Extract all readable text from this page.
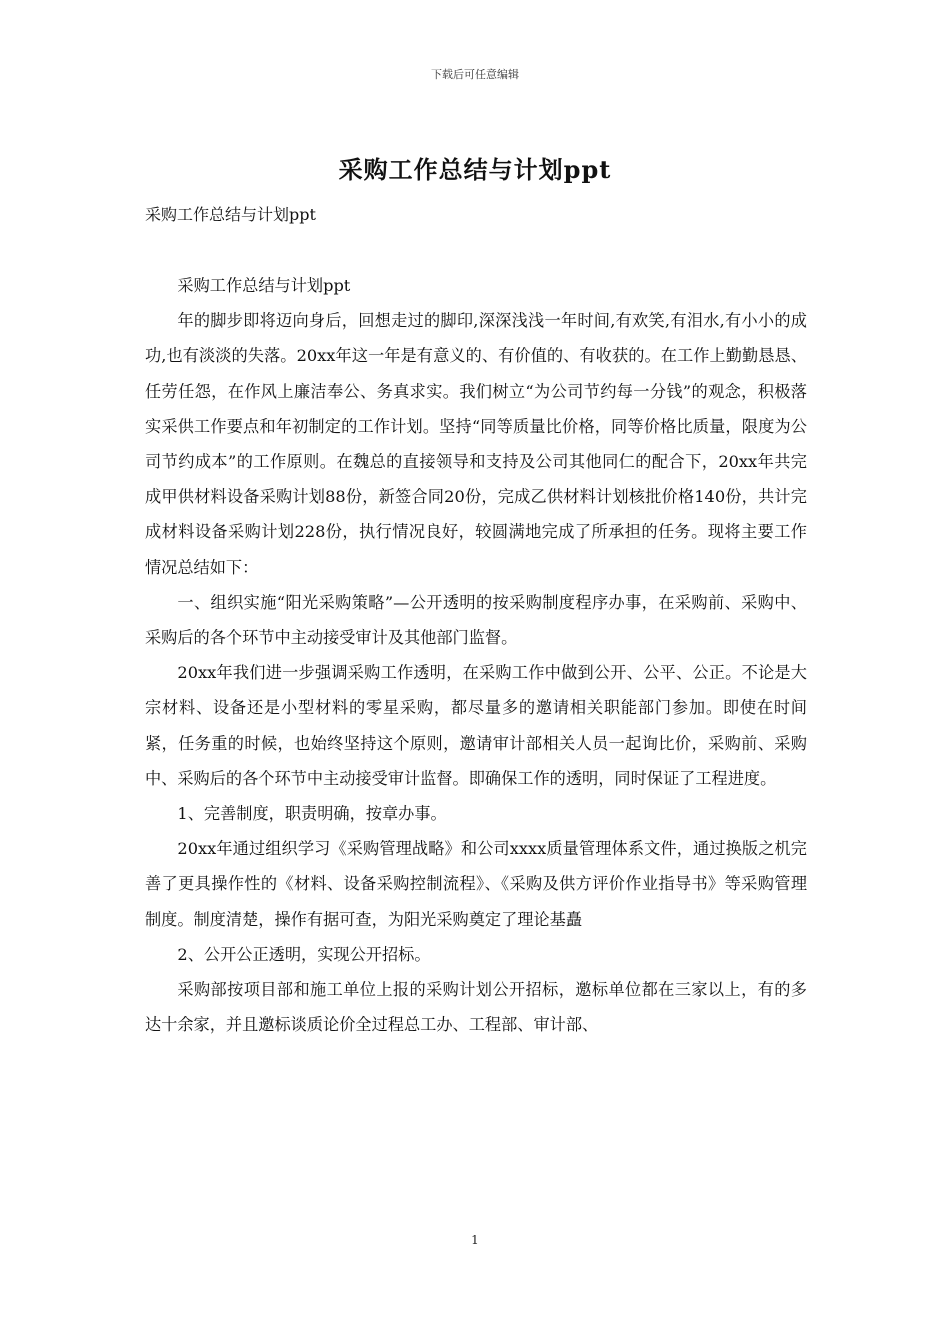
下载后可任意编辑
采购工作总结与计划ppt
采购工作总结与计划ppt

采购工作总结与计划ppt

年的脚步即将迈向身后，回想走过的脚印,深深浅浅一年时间,有欢笑,有泪水,有小小的成功,也有淡淡的失落。20xx年这一年是有意义的、有价值的、有收获的。在工作上勤勤恳恳、任劳任怨，在作风上廉洁奉公、务真求实。我们树立“为公司节约每一分钱”的观念，积极落实采供工作要点和年初制定的工作计划。坚持“同等质量比价格，同等价格比质量，限度为公司节约成本”的工作原则。在魏总的直接领导和支持及公司其他同仁的配合下，20xx年共完成甲供材料设备采购计划88份，新签合同20份，完成乙供材料计划核批价格140份，共计完成材料设备采购计划228份，执行情况良好，较圆满地完成了所承担的任务。现将主要工作情况总结如下：

一、组织实施“阳光采购策略”—公开透明的按采购制度程序办事，在采购前、采购中、采购后的各个环节中主动接受审计及其他部门监督。

20xx年我们进一步强调采购工作透明，在采购工作中做到公开、公平、公正。不论是大宗材料、设备还是小型材料的零星采购，都尽量多的邀请相关职能部门参加。即使在时间紧，任务重的时候，也始终坚持这个原则，邀请审计部相关人员一起询比价，采购前、采购中、采购后的各个环节中主动接受审计监督。即确保工作的透明，同时保证了工程进度。

1、完善制度，职责明确，按章办事。

20xx年通过组织学习《采购管理战略》和公司xxxx质量管理体系文件，通过换版之机完善了更具操作性的《材料、设备采购控制流程》、《采购及供方评价作业指导书》等采购管理制度。制度清楚，操作有据可查，为阳光采购奠定了理论基矗

2、公开公正透明，实现公开招标。

采购部按项目部和施工单位上报的采购计划公开招标，邀标单位都在三家以上，有的多达十余家，并且邀标谈质论价全过程总工办、工程部、审计部、

1
